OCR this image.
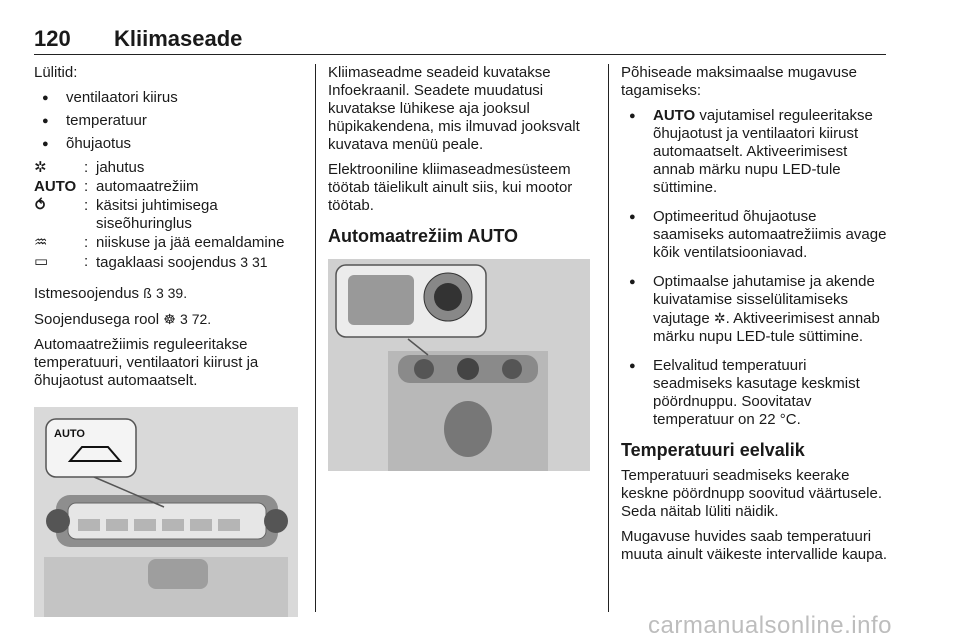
120 Kliimaseade

Lülitid:

● ventilaatori kiirus
● temperatuur
● õhujaotus
✲	: jahutus
AUTO : automaatrežiim
⥀	: käsitsi juhtimisega siseõhuringlus
♒	: niiskuse ja jää eemaldamine
▭	: tagaklaasi soojendus 3 31

Istmesoojendus ß 3 39.

Soojendusega rool ☸ 3 72.

Automaatrežiimis reguleeritakse temperatuuri, ventilaatori kiirust ja õhujaotust automaatselt.

AUTO

Kliimaseadme seadeid kuvatakse Infoekraanil. Seadete muudatusi kuvatakse lühikese aja jooksul hüpikakendena, mis ilmuvad jooksvalt kuvatava menüü peale.

Elektrooniline kliimaseadmesüsteem töötab täielikult ainult siis, kui mootor töötab.

Automaatrežiim AUTO

Põhiseade maksimaalse mugavuse tagamiseks:

● AUTO vajutamisel reguleeritakse õhujaotust ja ventilaatori kiirust automaatselt. Aktiveerimisest annab märku nupu LED-tule süttimine.
● Optimeeritud õhujaotuse saamiseks automaatrežiimis avage kõik ventilatsiooniavad.
● Optimaalse jahutamise ja akende kuivatamise sisselülitamiseks vajutage ✲. Aktiveerimisest annab märku nupu LED-tule süttimine.
● Eelvalitud temperatuuri seadmiseks kasutage keskmist pöördnuppu. Soovitatav temperatuur on 22 °C.
Temperatuuri eelvalik

Temperatuuri seadmiseks keerake keskne pöördnupp soovitud väärtusele. Seda näitab lüliti näidik.

Mugavuse huvides saab temperatuuri muuta ainult väikeste intervallide kaupa.

carmanualsonline.info
